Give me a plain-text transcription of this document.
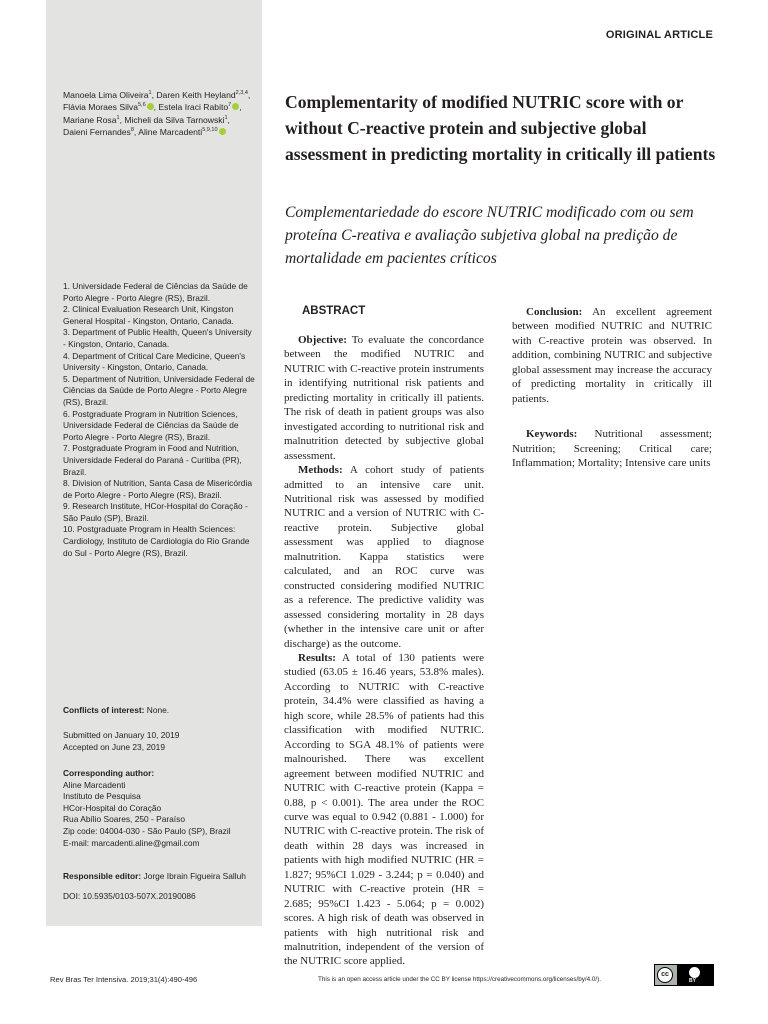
Manoela Lima Oliveira$^1$, Daren Keith Heyland$^{2,3,4}$, Flávia Moraes Silva$^{5,6}$ , Estela Iraci Rabito$^7$ , Mariane Rosa$^1$, Micheli da Silva Tarnowski$^1$, Daieni Fernandes$^8$, Aline Marcadenti$^{5,9,10}$
1. Universidade Federal de Ciências da Saúde de Porto Alegre - Porto Alegre (RS), Brazil.
2. Clinical Evaluation Research Unit, Kingston General Hospital - Kingston, Ontario, Canada.
3. Department of Public Health, Queen's University - Kingston, Ontario, Canada.
4. Department of Critical Care Medicine, Queen's University - Kingston, Ontario, Canada.
5. Department of Nutrition, Universidade Federal de Ciências da Saúde de Porto Alegre - Porto Alegre (RS), Brazil.
6. Postgraduate Program in Nutrition Sciences, Universidade Federal de Ciências da Saúde de Porto Alegre - Porto Alegre (RS), Brazil.
7. Postgraduate Program in Food and Nutrition, Universidade Federal do Paraná - Curitiba (PR), Brazil.
8. Division of Nutrition, Santa Casa de Misericórdia de Porto Alegre - Porto Alegre (RS), Brazil.
9. Research Institute, HCor-Hospital do Coração - São Paulo (SP), Brazil.
10. Postgraduate Program in Health Sciences: Cardiology, Instituto de Cardiologia do Rio Grande do Sul - Porto Alegre (RS), Brazil.
Conflicts of interest: None.
Submitted on January 10, 2019
Accepted on June 23, 2019
Corresponding author:
Aline Marcadenti
Instituto de Pesquisa
HCor-Hospital do Coração
Rua Abílio Soares, 250 - Paraíso
Zip code: 04004-030 - São Paulo (SP), Brazil
E-mail: marcadenti.aline@gmail.com
Responsible editor: Jorge Ibrain Figueira Salluh
DOI: 10.5935/0103-507X.20190086
ORIGINAL ARTICLE
Complementarity of modified NUTRIC score with or without C-reactive protein and subjective global assessment in predicting mortality in critically ill patients

Complementariedade do escore NUTRIC modificado com ou sem proteína C-reativa e avaliação subjetiva global na predição de mortalidade em pacientes críticos

ABSTRACT

Objective: To evaluate the concordance between the modified NUTRIC and NUTRIC with C-reactive protein instruments in identifying nutritional risk patients and predicting mortality in critically ill patients. The risk of death in patient groups was also investigated according to nutritional risk and malnutrition detected by subjective global assessment.

Methods: A cohort study of patients admitted to an intensive care unit. Nutritional risk was assessed by modified NUTRIC and a version of NUTRIC with C-reactive protein. Subjective global assessment was applied to diagnose malnutrition. Kappa statistics were calculated, and an ROC curve was constructed considering modified NUTRIC as a reference. The predictive validity was assessed considering mortality in 28 days (whether in the intensive care unit or after discharge) as the outcome.

Results: A total of 130 patients were studied (63.05 ± 16.46 years, 53.8% males). According to NUTRIC with C-reactive protein, 34.4% were classified as having a high score, while 28.5% of patients had this classification with modified NUTRIC. According to SGA 48.1% of patients were malnourished. There was excellent agreement between modified NUTRIC and NUTRIC with C-reactive protein (Kappa = 0.88, p < 0.001). The area under the ROC curve was equal to 0.942 (0.881 - 1.000) for NUTRIC with C-reactive protein. The risk of death within 28 days was increased in patients with high modified NUTRIC (HR = 1.827; 95%CI 1.029 - 3.244; p = 0.040) and NUTRIC with C-reactive protein (HR = 2.685; 95%CI 1.423 - 5.064; p = 0.002) scores. A high risk of death was observed in patients with high nutritional risk and malnutrition, independent of the version of the NUTRIC score applied.

Conclusion: An excellent agreement between modified NUTRIC and NUTRIC with C-reactive protein was observed. In addition, combining NUTRIC and subjective global assessment may increase the accuracy of predicting mortality in critically ill patients.

Keywords: Nutritional assessment; Nutrition; Screening; Critical care; Inflammation; Mortality; Intensive care units

Rev Bras Ter Intensiva. 2019;31(4):490-496	This is an open access article under the CC BY license https://creativecommons.org/licenses/by/4.0/).
cc
BY
